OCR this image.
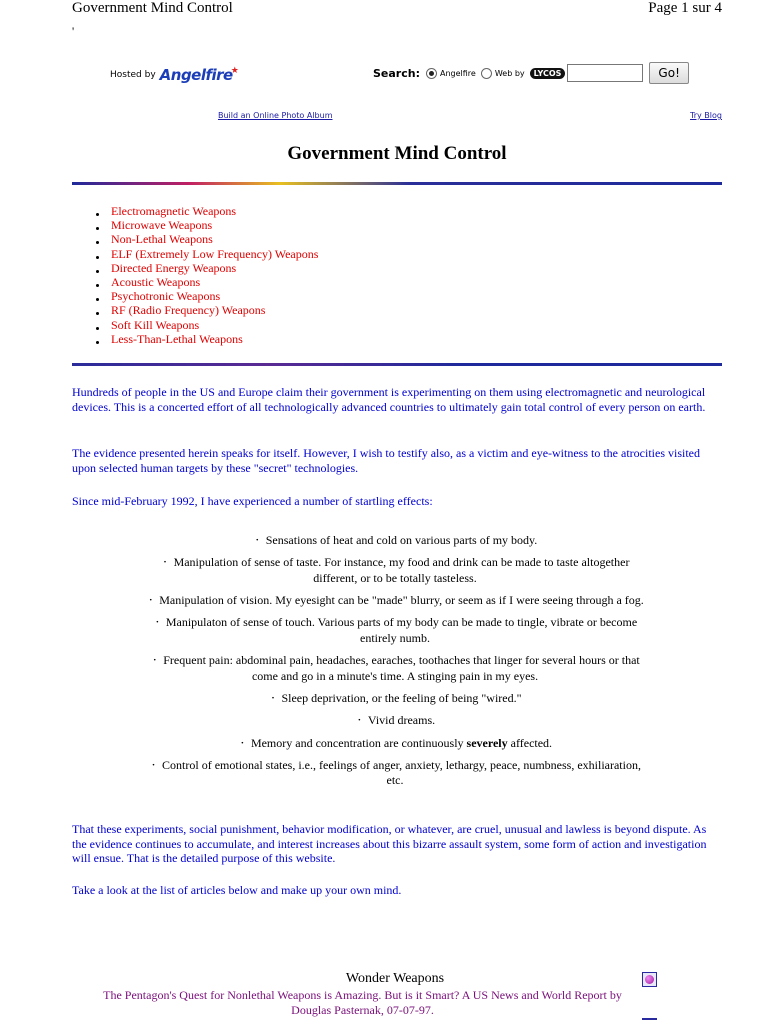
Government Mind Control	Page 1 sur 4
'
Hosted by Angelfire★	Search:	Angelfire Web by	LYCOS	Go!
Build an Online Photo Album	Try Blog
Government Mind Control
Electromagnetic Weapons
Microwave Weapons
Non-Lethal Weapons
ELF (Extremely Low Frequency) Weapons
Directed Energy Weapons
Acoustic Weapons
Psychotronic Weapons
RF (Radio Frequency) Weapons
Soft Kill Weapons
Less-Than-Lethal Weapons
Hundreds of people in the US and Europe claim their government is experimenting on them using electromagnetic and neurological devices. This is a concerted effort of all technologically advanced countries to ultimately gain total control of every person on earth.
The evidence presented herein speaks for itself. However, I wish to testify also, as a victim and eye-witness to the atrocities visited upon selected human targets by these "secret" technologies.
Since mid-February 1992, I have experienced a number of startling effects:
・ Sensations of heat and cold on various parts of my body.
・ Manipulation of sense of taste. For instance, my food and drink can be made to taste altogether different, or to be totally tasteless.
・ Manipulation of vision. My eyesight can be "made" blurry, or seem as if I were seeing through a fog.
・ Manipulaton of sense of touch. Various parts of my body can be made to tingle, vibrate or become entirely numb.
・ Frequent pain: abdominal pain, headaches, earaches, toothaches that linger for several hours or that come and go in a minute's time. A stinging pain in my eyes.
・ Sleep deprivation, or the feeling of being "wired."
・ Vivid dreams.
・ Memory and concentration are continuously severely affected.
・ Control of emotional states, i.e., feelings of anger, anxiety, lethargy, peace, numbness, exhiliaration, etc.
That these experiments, social punishment, behavior modification, or whatever, are cruel, unusual and lawless is beyond dispute. As the evidence continues to accumulate, and interest increases about this bizarre assault system, some form of action and investigation will ensue. That is the detailed purpose of this website.
Take a look at the list of articles below and make up your own mind.
Wonder Weapons
The Pentagon's Quest for Nonlethal Weapons is Amazing. But is it Smart? A US News and World Report by Douglas Pasternak, 07-07-97.
